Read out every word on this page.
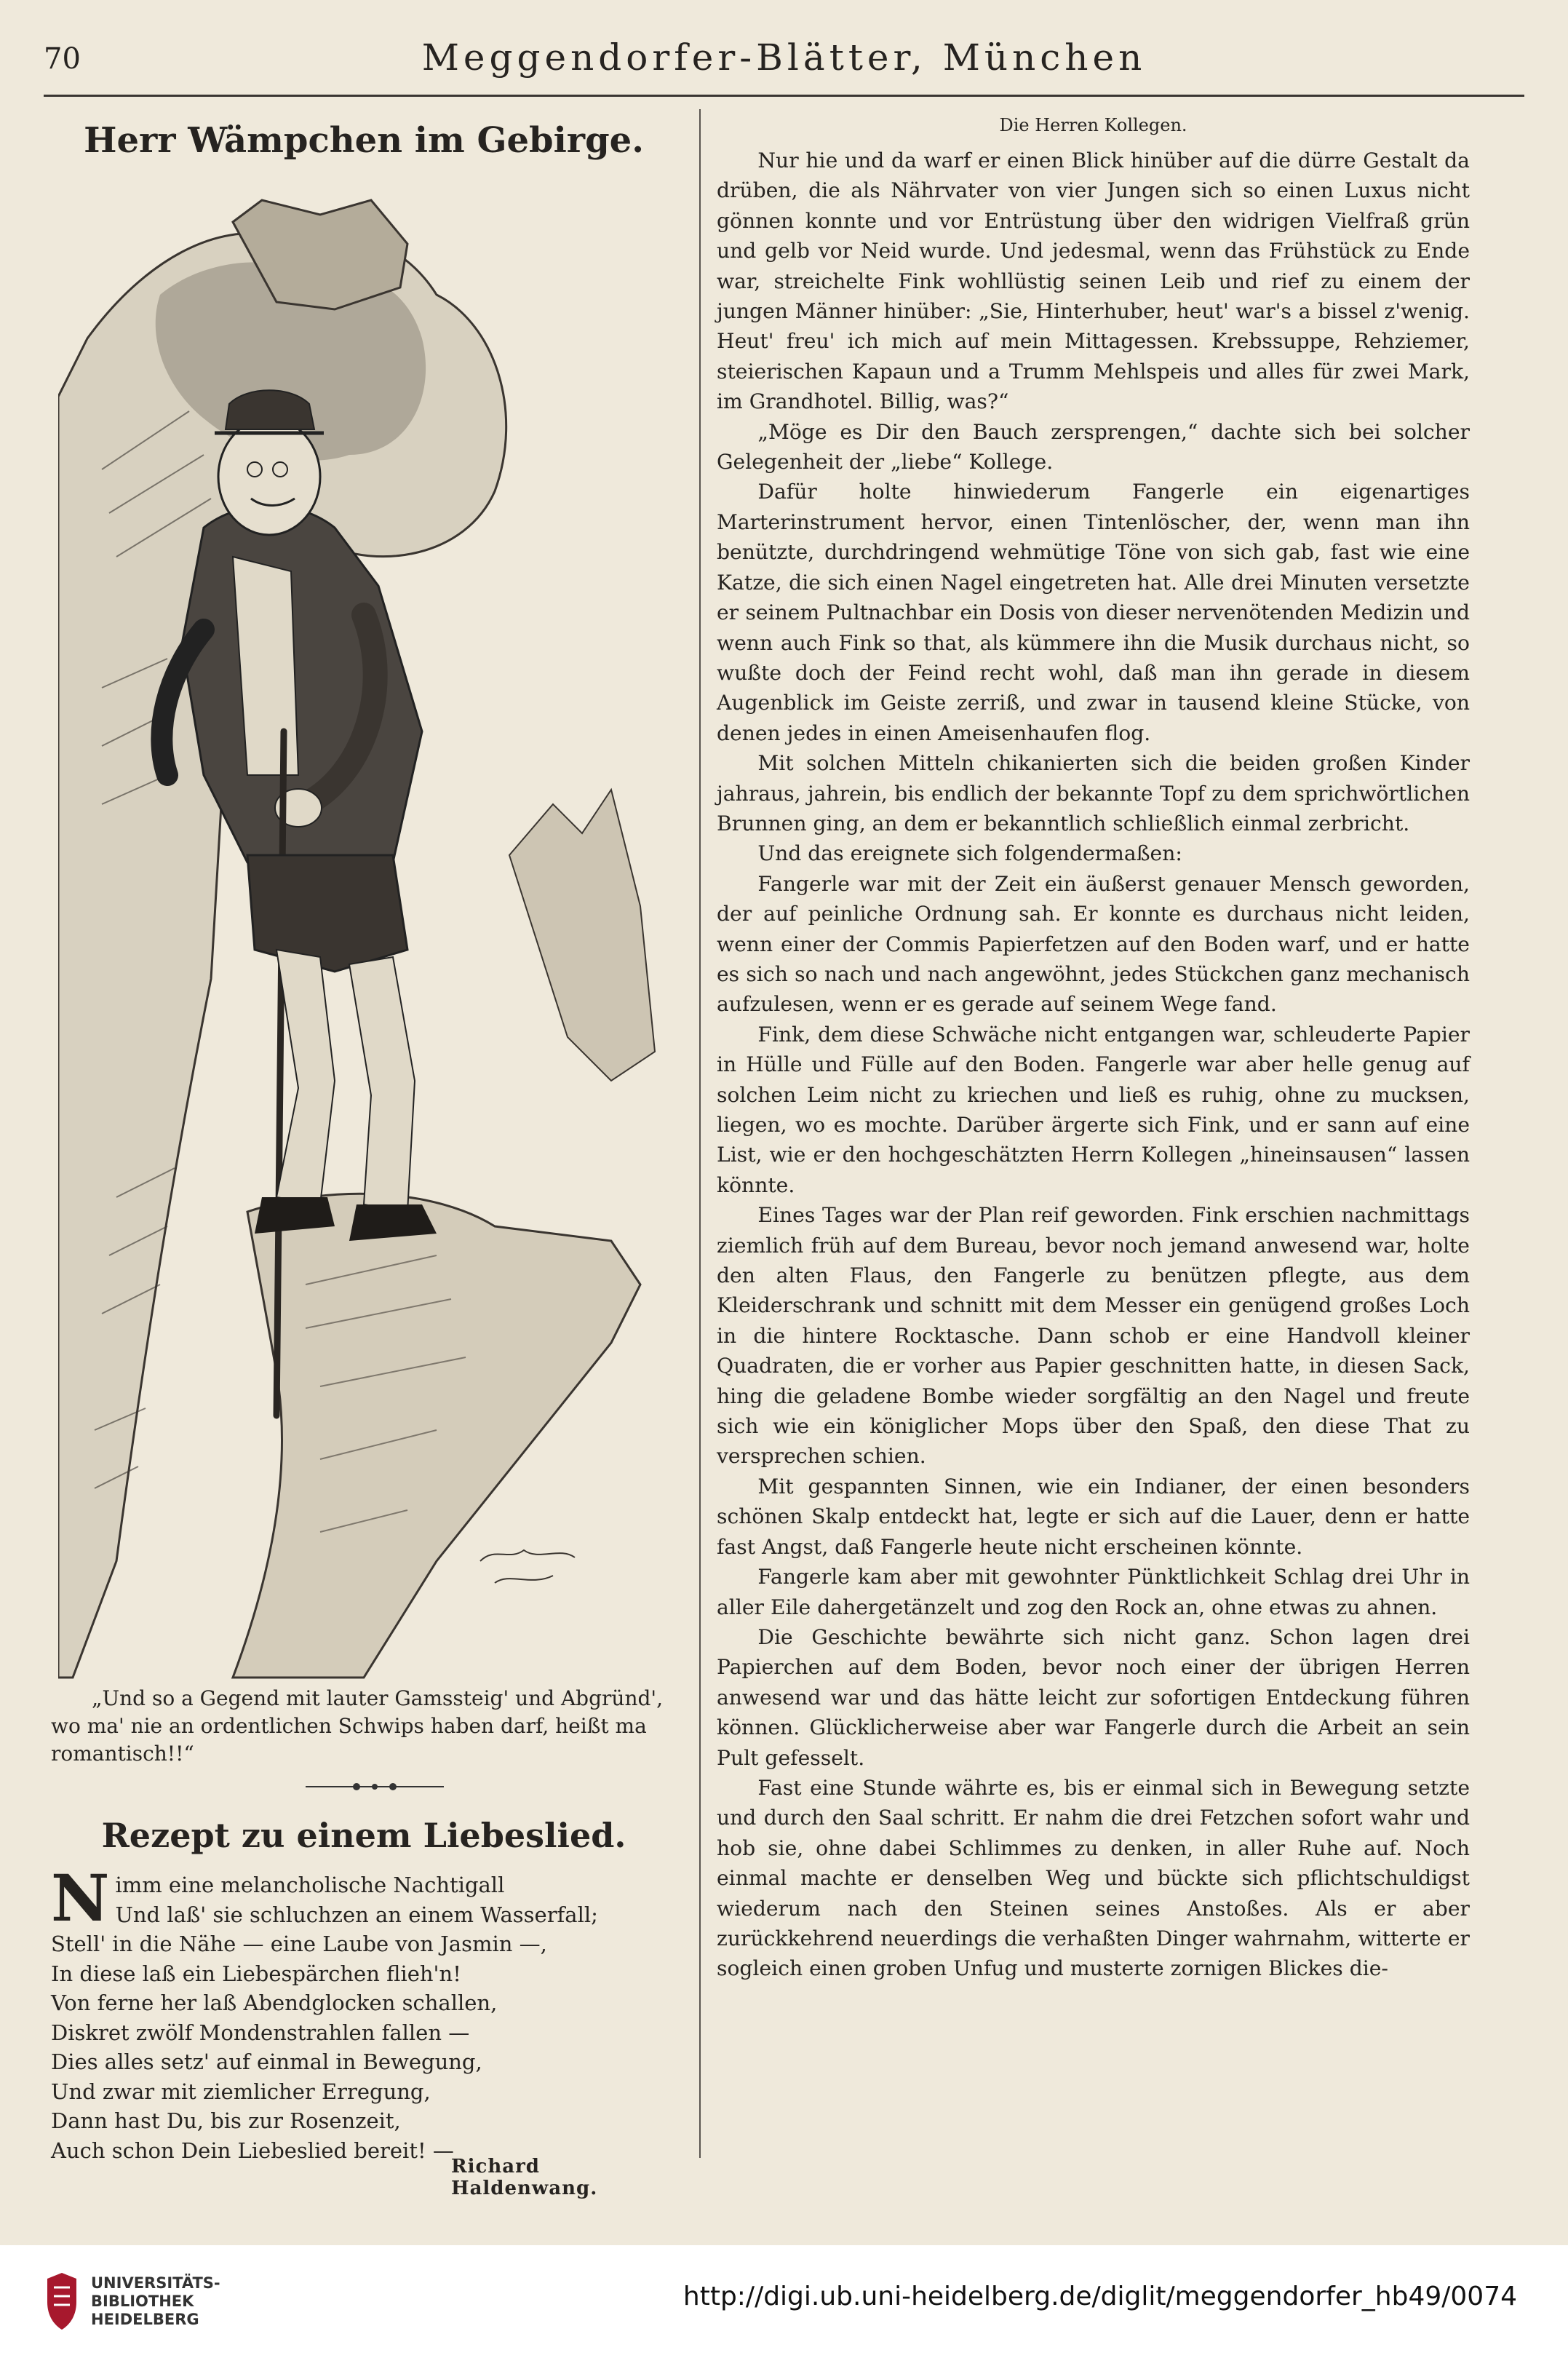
70	Meggendorfer-Blätter, München
Herr Wämpchen im Gebirge.
„Und so a Gegend mit lauter Gamssteig' und Abgründ', wo ma' nie an ordentlichen Schwips haben darf, heißt ma romantisch!!“
Rezept zu einem Liebeslied.
N imm eine melancholische Nachtigall
Und laß' sie schluchzen an einem Wasserfall;
Stell' in die Nähe — eine Laube von Jasmin —,
In diese laß ein Liebespärchen flieh'n!
Von ferne her laß Abendglocken schallen,
Diskret zwölf Mondenstrahlen fallen —
Dies alles setz' auf einmal in Bewegung,
Und zwar mit ziemlicher Erregung,
Dann hast Du, bis zur Rosenzeit,
Auch schon Dein Liebeslied bereit! —
Richard Haldenwang.
Die Herren Kollegen.

Nur hie und da warf er einen Blick hinüber auf die dürre Gestalt da drüben, die als Nährvater von vier Jungen sich so einen Luxus nicht gönnen konnte und vor Entrüstung über den widrigen Vielfraß grün und gelb vor Neid wurde. Und jedesmal, wenn das Frühstück zu Ende war, streichelte Fink wohllüstig seinen Leib und rief zu einem der jungen Männer hinüber: „Sie, Hinterhuber, heut' war's a bissel z'wenig. Heut' freu' ich mich auf mein Mittagessen. Krebssuppe, Rehziemer, steierischen Kapaun und a Trumm Mehlspeis und alles für zwei Mark, im Grandhotel. Billig, was?“

„Möge es Dir den Bauch zersprengen,“ dachte sich bei solcher Gelegenheit der „liebe“ Kollege.

Dafür holte hinwiederum Fangerle ein eigenartiges Marterinstrument hervor, einen Tintenlöscher, der, wenn man ihn benützte, durchdringend wehmütige Töne von sich gab, fast wie eine Katze, die sich einen Nagel eingetreten hat. Alle drei Minuten versetzte er seinem Pultnachbar ein Dosis von dieser nervenötenden Medizin und wenn auch Fink so that, als kümmere ihn die Musik durchaus nicht, so wußte doch der Feind recht wohl, daß man ihn gerade in diesem Augenblick im Geiste zerriß, und zwar in tausend kleine Stücke, von denen jedes in einen Ameisenhaufen flog.

Mit solchen Mitteln chikanierten sich die beiden großen Kinder jahraus, jahrein, bis endlich der bekannte Topf zu dem sprichwörtlichen Brunnen ging, an dem er bekanntlich schließlich einmal zerbricht.

Und das ereignete sich folgendermaßen:

Fangerle war mit der Zeit ein äußerst genauer Mensch geworden, der auf peinliche Ordnung sah. Er konnte es durchaus nicht leiden, wenn einer der Commis Papierfetzen auf den Boden warf, und er hatte es sich so nach und nach angewöhnt, jedes Stückchen ganz mechanisch aufzulesen, wenn er es gerade auf seinem Wege fand.

Fink, dem diese Schwäche nicht entgangen war, schleuderte Papier in Hülle und Fülle auf den Boden. Fangerle war aber helle genug auf solchen Leim nicht zu kriechen und ließ es ruhig, ohne zu mucksen, liegen, wo es mochte. Darüber ärgerte sich Fink, und er sann auf eine List, wie er den hochgeschätzten Herrn Kollegen „hineinsausen“ lassen könnte.

Eines Tages war der Plan reif geworden. Fink erschien nachmittags ziemlich früh auf dem Bureau, bevor noch jemand anwesend war, holte den alten Flaus, den Fangerle zu benützen pflegte, aus dem Kleiderschrank und schnitt mit dem Messer ein genügend großes Loch in die hintere Rocktasche. Dann schob er eine Handvoll kleiner Quadraten, die er vorher aus Papier geschnitten hatte, in diesen Sack, hing die geladene Bombe wieder sorgfältig an den Nagel und freute sich wie ein königlicher Mops über den Spaß, den diese That zu versprechen schien.

Mit gespannten Sinnen, wie ein Indianer, der einen besonders schönen Skalp entdeckt hat, legte er sich auf die Lauer, denn er hatte fast Angst, daß Fangerle heute nicht erscheinen könnte.

Fangerle kam aber mit gewohnter Pünktlichkeit Schlag drei Uhr in aller Eile dahergetänzelt und zog den Rock an, ohne etwas zu ahnen.

Die Geschichte bewährte sich nicht ganz. Schon lagen drei Papierchen auf dem Boden, bevor noch einer der übrigen Herren anwesend war und das hätte leicht zur sofortigen Entdeckung führen können. Glücklicherweise aber war Fangerle durch die Arbeit an sein Pult gefesselt.

Fast eine Stunde währte es, bis er einmal sich in Bewegung setzte und durch den Saal schritt. Er nahm die drei Fetzchen sofort wahr und hob sie, ohne dabei Schlimmes zu denken, in aller Ruhe auf. Noch einmal machte er denselben Weg und bückte sich pflichtschuldigst wiederum nach den Steinen seines Anstoßes. Als er aber zurückkehrend neuerdings die verhaßten Dinger wahrnahm, witterte er sogleich einen groben Unfug und musterte zornigen Blickes die-

UNIVERSITÄTS-
BIBLIOTHEK
HEIDELBERG
http://digi.ub.uni-heidelberg.de/diglit/meggendorfer_hb49/0074
